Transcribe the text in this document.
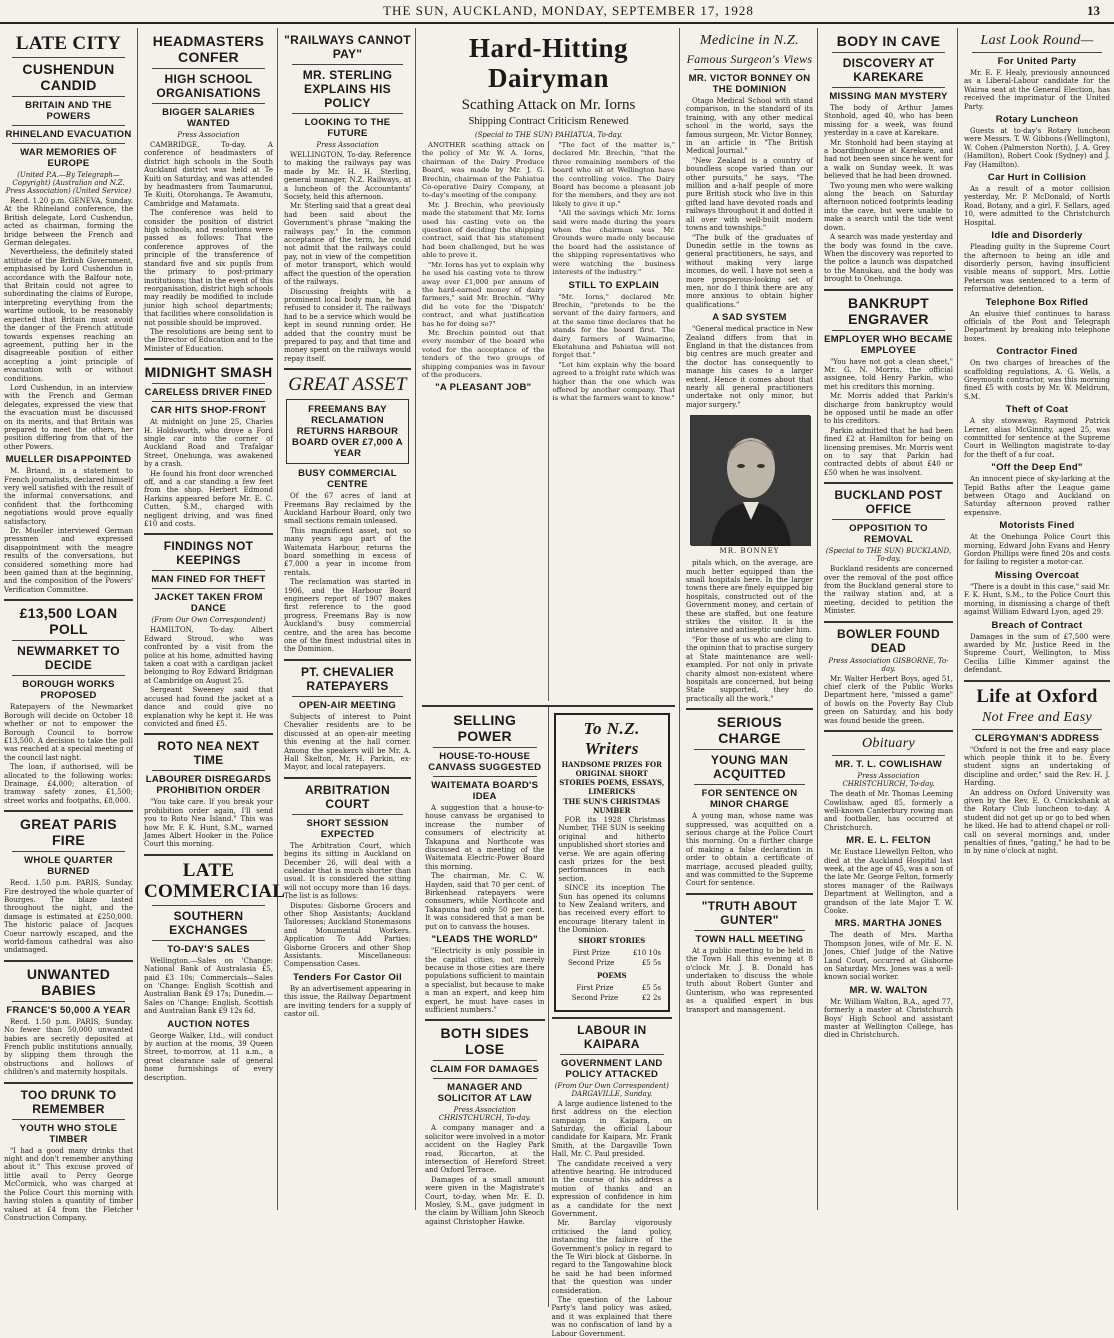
THE SUN, AUCKLAND, MONDAY, SEPTEMBER 17, 1928	13
LATE CITY
CUSHENDUN CANDID
BRITAIN AND THE POWERS
RHINELAND EVACUATION
WAR MEMORIES OF EUROPE
(United P.A.—By Telegraph—Copyright) (Australian and N.Z. Press Association) (United Service)

Recd. 1.20 p.m. GENEVA, Sunday. At the Rhineland conference, the British delegate, Lord Cushendun, acted as chairman, forming the bridge between the French and German delegates.

Nevertheless, the definitely stated attitude of the British Government, emphasised by Lord Cushendun in accordance with the Balfour note, that Britain could not agree to subordinating the claims of Europe, interpreting everything from the wartime outlook, to be reasonably expected that Britain must avoid the danger of the French attitude towards expenses reaching an agreement, putting her in the disagreeable position of either accepting a joint principle of evacuation with or without conditions.

Lord Cushendun, in an interview with the French and German delegates, expressed the view that the evacuation must be discussed on its merits, and that Britain was prepared to meet the others, her position differing from that of the other Powers.

MUELLER DISAPPOINTED

M. Briand, in a statement to French journalists, declared himself very well satisfied with the result of the informal conversations, and confident that the forthcoming negotiations would prove equally satisfactory.

Dr. Mueller interviewed German pressmen and expressed disappointment with the meagre results of the conversations, but considered something more had been gained than at the beginning, and the composition of the Powers' Verification Committee.

£13,500 LOAN POLL
NEWMARKET TO DECIDE
BOROUGH WORKS PROPOSED

Ratepayers of the Newmarket Borough will decide on October 18 whether or not to empower the Borough Council to borrow £13,500. A decision to take the poll was reached at a special meeting of the council last night.

The loan, if authorised, will be allocated to the following works: Drainage, £4,000; alteration of tramway safety zones, £1,500; street works and footpaths, £8,000.

GREAT PARIS FIRE
WHOLE QUARTER BURNED

Recd. 1.50 p.m. PARIS, Sunday. Fire destroyed the whole quarter of Bourges. The blaze lasted throughout the night, and the damage is estimated at £250,000. The historic palace of Jacques Coeur narrowly escaped, and the world-famous cathedral was also undamaged.

UNWANTED BABIES
FRANCE'S 50,000 A YEAR

Recd. 1.50 p.m. PARIS, Sunday. No fewer than 50,000 unwanted babies are secretly deposited at French public institutions annually, by slipping them through the obstructions and hollows of children's and maternity hospitals.

TOO DRUNK TO REMEMBER
YOUTH WHO STOLE TIMBER

"I had a good many drinks that night and don't remember anything about it." This excuse proved of little avail to Percy George McCormick, who was charged at the Police Court this morning with having stolen a quantity of timber valued at £4 from the Fletcher Construction Company.

HEADMASTERS CONFER
HIGH SCHOOL ORGANISATIONS
BIGGER SALARIES WANTED
Press Association

CAMBRIDGE, To-day. A conference of headmasters of district high schools in the South Auckland district was held at Te Kuiti on Saturday, and was attended by headmasters from Taumarunui, Te Kuiti, Otorohanga, Te Awamutu, Cambridge and Matamata.

The conference was held to consider the position of district high schools, and resolutions were passed as follows: That the conference approves of the principle of the transference of standard five and six pupils from the primary to post-primary institutions; that in the event of this reorganisation, district high schools may readily be modified to include junior high school departments; that facilities where consolidation is not possible should be improved.

The resolutions are being sent to the Director of Education and to the Minister of Education.

MIDNIGHT SMASH
CARELESS DRIVER FINED
CAR HITS SHOP-FRONT

At midnight on June 25, Charles H. Holdsworth, who drove a Ford single car into the corner of Auckland Road and Trafalgar Street, Onehunga, was awakened by a crash.

He found his front door wrenched off, and a car standing a few feet from the shop. Herbert Edmond Harkins appeared before Mr. E. C. Cutten, S.M., charged with negligent driving, and was fined £10 and costs.

FINDINGS NOT KEEPINGS
MAN FINED FOR THEFT
JACKET TAKEN FROM DANCE
(From Our Own Correspondent)

HAMILTON, To-day. Albert Edward Stroud, who was confronted by a visit from the police at his home, admitted having taken a coat with a cardigan jacket belonging to Roy Edward Bridgman at Cambridge on August 25.

Sergeant Sweeney said that accused had found the jacket at a dance and could give no explanation why he kept it. He was convicted and fined £5.

ROTO NEA NEXT TIME
LABOURER DISREGARDS PROHIBITION ORDER

"You take care. If you break your prohibition order again, I'll send you to Roto Nea Island." This was how Mr. F. K. Hunt, S.M., warned James Albert Hooker in the Police Court this morning.

LATE COMMERCIAL
SOUTHERN EXCHANGES
TO-DAY'S SALES

Wellington.—Sales on 'Change: National Bank of Australasia £5, paid £3 10s; Commercials—Sales on 'Change: English Scottish and Australian Bank £9 17s; Dunedin.—Sales on 'Change: English, Scottish and Australian Bank £9 12s 6d.

AUCTION NOTES

George Walker, Ltd., will conduct by auction at the rooms, 39 Queen Street, to-morrow, at 11 a.m., a great clearance sale of general home furnishings of every description.

"RAILWAYS CANNOT PAY"
MR. STERLING EXPLAINS HIS POLICY
LOOKING TO THE FUTURE
Press Association

WELLINGTON, To-day. Reference to making the railways pay was made by Mr. H. H. Sterling, general manager, N.Z. Railways, at a luncheon of the Accountants' Society, held this afternoon.

Mr. Sterling said that a great deal had been said about the Government's phrase "making the railways pay." In the common acceptance of the term, he could not admit that the railways could pay, not in view of the competition of motor transport, which would affect the question of the operation of the railways.

Discussing freights with a prominent local body man, he had refused to consider it. The railways had to be a service which would be kept in sound running order. He added that the country must be prepared to pay, and that time and money spent on the railways would repay itself.

GREAT ASSET
FREEMANS BAY RECLAMATION RETURNS HARBOUR BOARD OVER £7,000 A YEAR
BUSY COMMERCIAL CENTRE

Of the 67 acres of land at Freemans Bay reclaimed by the Auckland Harbour Board, only two small sections remain unleased.

This magnificent asset, not so many years ago part of the Waitemata Harbour, returns the board something in excess of £7,000 a year in income from rentals.

The reclamation was started in 1906, and the Harbour Board engineers report of 1907 makes first reference to the good progress. Freemans Bay is now Auckland's busy commercial centre, and the area has become one of the finest industrial sites in the Dominion.

PT. CHEVALIER RATEPAYERS
OPEN-AIR MEETING

Subjects of interest to Point Chevalier residents are to be discussed at an open-air meeting this evening at the hall corner. Among the speakers will be Mr. A. Hall Skelton, Mr. H. Parkin, ex-Mayor, and local ratepayers.

ARBITRATION COURT
SHORT SESSION EXPECTED

The Arbitration Court, which begins its sitting in Auckland on December 26, will deal with a calendar that is much shorter than usual. It is considered the sitting will not occupy more than 16 days. The list is as follows:

Disputes: Gisborne Grocers and other Shop Assistants; Auckland Tailoresses; Auckland Stonemasons and Monumental Workers. Application To Add Parties: Gisborne Grocers and other Shop Assistants. Miscellaneous: Compensation Cases.

Tenders For Castor Oil

By an advertisement appearing in this issue, the Railway Department are inviting tenders for a supply of castor oil.

Hard-Hitting Dairyman
Scathing Attack on Mr. Iorns
Shipping Contract Criticism Renewed
(Special to THE SUN) PAHIATUA, To-day.

ANOTHER scathing attack on the policy of Mr. W. A. Iorns, chairman of the Dairy Produce Board, was made by Mr. J. G. Brechin, chairman of the Pahiatua Co-operative Dairy Company, at to-day's meeting of the company.

Mr. J. Brechin, who previously made the statement that Mr. Iorns used his casting vote on the question of deciding the shipping contract, said that his statement had been challenged, but he was able to prove it.

"Mr. Iorns has yet to explain why he used his casting vote to throw away over £1,000 per annum of the hard-earned money of dairy farmers," said Mr. Brechin. "Why did he vote for the 'Dispatch' contract, and what justification has he for doing so?"

Mr. Brechin pointed out that every member of the board who voted for the acceptance of the tenders of the two groups of shipping companies was in favour of the producers.

"A PLEASANT JOB"

"The fact of the matter is," declared Mr. Brechin, "that the three remaining members of the board who sit at Wellington have the controlling voice. The Dairy Board has become a pleasant job for the members, and they are not likely to give it up."

"All the savings which Mr. Iorns said were made during the years when the chairman was Mr. Grounds were made only because the board had the assistance of the shipping representatives who were watching the business interests of the industry."

STILL TO EXPLAIN

"Mr. Iorns," declared Mr. Brechin, "pretends to be the servant of the dairy farmers, and at the same time declares that he stands for the board first. The dairy farmers of Waimarino, Eketahuna and Pahiatua will not forget that."

"Let him explain why the board agreed to a freight rate which was higher than the one which was offered by another company. That is what the farmers want to know."

SELLING POWER
HOUSE-TO-HOUSE CANVASS SUGGESTED
WAITEMATA BOARD'S IDEA

A suggestion that a house-to-house canvass be organised to increase the number of consumers of electricity at Takapuna and Northcote was discussed at a meeting of the Waitemata Electric-Power Board this morning.

The chairman, Mr. C. W. Hayden, said that 70 per cent. of Birkenhead ratepayers were consumers, while Northcote and Takapuna had only 50 per cent. It was considered that a man be put on to canvass the houses.

"LEADS THE WORLD"

"Electricity is only possible in the capital cities, not merely because in those cities are there populations sufficient to maintain a specialist, but because to make a man an expert, and keep him expert, he must have cases in sufficient numbers."

BOTH SIDES LOSE
CLAIM FOR DAMAGES
MANAGER AND SOLICITOR AT LAW
Press Association CHRISTCHURCH, To-day.

A company manager and a solicitor were involved in a motor accident on the Hagley Park road, Riccarton, at the intersection of Hereford Street and Oxford Terrace.

Damages of a small amount were given in the Magistrate's Court, to-day, when Mr. E. D. Mosley, S.M., gave judgment in the claim by William John Skeoch against Christopher Hawke.

To N.Z. Writers
HANDSOME PRIZES FOR ORIGINAL SHORT STORIES POEMS, ESSAYS, LIMERICKS
THE SUN'S CHRISTMAS NUMBER

FOR its 1928 Christmas Number, THE SUN is seeking original and hitherto unpublished short stories and verse. We are again offering cash prizes for the best performances in each section.

SINCE its inception The Sun has opened its columns to New Zealand writers, and has received every effort to encourage literary talent in the Dominion.

SHORT STORIES
First Prize	£10 10s
Second Prize	£5 5s
POEMS
First Prize	£5 5s
Second Prize	£2 2s
LABOUR IN KAIPARA
GOVERNMENT LAND POLICY ATTACKED
(From Our Own Correspondent) DARGAVILLE, Sunday.

A large audience listened to the first address on the election campaign in Kaipara, on Saturday, the official Labour candidate for Kaipara, Mr. Frank Smith, at the Dargaville Town Hall, Mr. C. Paul presided.

The candidate received a very attentive hearing. He introduced in the course of his address a motion of thanks and an expression of confidence in him as a candidate for the next Government.

Mr. Barclay vigorously criticised the land policy, instancing the failure of the Government's policy in regard to the Te Wiri block at Gisborne. In regard to the Tangowahine block he said he had been informed that the question was under consideration.

The question of the Labour Party's land policy was asked, and it was explained that there was no confiscation of land by a Labour Government.

Medicine in N.Z.
Famous Surgeon's Views
MR. VICTOR BONNEY ON THE DOMINION

Otago Medical School with stand comparison, in the standard of its training, with any other medical school in the world, says the famous surgeon, Mr. Victor Bonney, in an article in "The British Medical Journal."

"New Zealand is a country of boundless scope varied than our other pursuits," he says. "The million and a-half people of more pure British stock who live in this gifted land have devoted roads and railways throughout it and dotted it all over with well-built modern towns and townships."

"The bulk of the graduates of Dunedin settle in the towns as general practitioners, he says, and without making very large incomes, do well. I have not seen a more prosperous-looking set of men, nor do I think there are any more anxious to obtain higher qualifications."

A SAD SYSTEM

"General medical practice in New Zealand differs from that in England in that the distances from big centres are much greater and the doctor has consequently to manage his cases to a larger extent. Hence it comes about that nearly all general practitioners undertake not only minor, but major surgery."

MR. BONNEY

pitals which, on the average, are much better equipped than the small hospitals here. In the larger towns there are finely equipped big hospitals, constructed out of the Government money, and certain of these are staffed, but one feature strikes the visitor. It is the intensive and antiseptic under him.

"For those of us who are cling to the opinion that to practise surgery at State maintenance are well-exampled. For not only in private charity almost non-existent where hospitals are concerned, but being State supported, they do practically all the work."

SERIOUS CHARGE
YOUNG MAN ACQUITTED
FOR SENTENCE ON MINOR CHARGE

A young man, whose name was suppressed, was acquitted on a serious charge at the Police Court this morning. On a further charge of making a false declaration in order to obtain a certificate of marriage, accused pleaded guilty, and was committed to the Supreme Court for sentence.

"TRUTH ABOUT GUNTER"
TOWN HALL MEETING

At a public meeting to be held in the Town Hall this evening at 8 o'clock Mr. J. B. Donald has undertaken to discuss the whole truth about Robert Gunter and Gunterism, who was represented as a qualified expert in bus transport and management.

BODY IN CAVE
DISCOVERY AT KAREKARE
MISSING MAN MYSTERY

The body of Arthur James Stonhold, aged 40, who has been missing for a week, was found yesterday in a cave at Karekare.

Mr. Stonhold had been staying at a boardinghouse at Karekare, and had not been seen since he went for a walk on Sunday week. It was believed that he had been drowned.

Two young men who were walking along the beach on Saturday afternoon noticed footprints leading into the cave, but were unable to make a search until the tide went down.

A search was made yesterday and the body was found in the cave. When the discovery was reported to the police a launch was dispatched to the Manukau, and the body was brought to Onehunga.

BANKRUPT ENGRAVER
EMPLOYER WHO BECAME EMPLOYEE

"You have not got a clean sheet," Mr. G. N. Morris, the official assignee, told Henry Parkin, who met his creditors this morning.

Mr. Morris added that Parkin's discharge from bankruptcy would be opposed until he made an offer to his creditors.

Parkin admitted that he had been fined £2 at Hamilton for being on licensing premises. Mr. Morris went on to say that Parkin had contracted debts of about £40 or £50 when he was insolvent.

BUCKLAND POST OFFICE
OPPOSITION TO REMOVAL
(Special to THE SUN) BUCKLAND, To-day.

Buckland residents are concerned over the removal of the post office from the Buckland general store to the railway station and, at a meeting, decided to petition the Minister.

BOWLER FOUND DEAD
Press Association GISBORNE, To-day.

Mr. Walter Herbert Boys, aged 51, chief clerk of the Public Works Department here, "missed a game" of bowls on the Poverty Bay Club green on Saturday, and his body was found beside the green.

Obituary
MR. T. L. COWLISHAW
Press Association CHRISTCHURCH, To-day.

The death of Mr. Thomas Leeming Cowlishaw, aged 85, formerly a well-known Canterbury rowing man and footballer, has occurred at Christchurch.

MR. E. L. FELTON

Mr. Eustace Llewellyn Felton, who died at the Auckland Hospital last week, at the age of 45, was a son of the late Mr. George Felton, formerly stores manager of the Railways Department at Wellington, and a grandson of the late Major T. W. Cooke.

MRS. MARTHA JONES

The death of Mrs. Martha Thompson Jones, wife of Mr. E. N. Jones, Chief Judge of the Native Land Court, occurred at Gisborne on Saturday. Mrs. Jones was a well-known social worker.

MR. W. WALTON

Mr. William Walton, B.A., aged 77, formerly a master at Christchurch Boys' High School and assistant master at Wellington College, has died in Christchurch.

Last Look Round—
For United Party

Mr. E. F. Healy, previously announced as a Liberal-Labour candidate for the Wairoa seat at the General Election, has received the imprimatur of the United Party.

Rotary Luncheon

Guests at to-day's Rotary luncheon were Messrs. T. W. Gibbons (Wellington), W. Cohen (Palmerston North), J. A. Grey (Hamilton), Robert Cook (Sydney) and J. Fay (Hamilton).

Car Hurt in Collision

As a result of a motor collision yesterday, Mr. P. McDonald, of North Road, Botany, and a girl, F. Sellars, aged 10, were admitted to the Christchurch Hospital.

Idle and Disorderly

Pleading guilty in the Supreme Court the afternoon to being an idle and disorderly person, having insufficient visible means of support, Mrs. Lottie Peterson was sentenced to a term of reformative detention.

Telephone Box Rifled

An elusive thief continues to harass officials of the Post and Telegraph Department by breaking into telephone boxes.

Contractor Fined

On two charges of breaches of the scaffolding regulations, A. G. Wells, a Greymouth contractor, was this morning fined £5 with costs by Mr. W. Meldrum, S.M.

Theft of Coat

A shy stowaway, Raymond Patrick Lerner, alias McGinnity, aged 25, was committed for sentence at the Supreme Court in Wellington magistrate to-day for the theft of a fur coat.

"Off the Deep End"

An innocent piece of sky-larking at the Tepid Baths after the League game between Otago and Auckland on Saturday afternoon proved rather expensive.

Motorists Fined

At the Onehunga Police Court this morning, Edward John Evans and Henry Gordon Phillips were fined 20s and costs for failing to register a motor-car.

Missing Overcoat

"There is a doubt in this case," said Mr. F. K. Hunt, S.M., to the Police Court this morning, in dismissing a charge of theft against William Edward Lyon, aged 29.

Breach of Contract

Damages in the sum of £7,500 were awarded by Mr. Justice Reed in the Supreme Court, Wellington, to Miss Cecilia Lillie Kimmer against the defendant.

Life at Oxford
Not Free and Easy
CLERGYMAN'S ADDRESS

"Oxford is not the free and easy place which people think it to be. Every student signs an undertaking of discipline and order," said the Rev. H. J. Harding.

An address on Oxford University was given by the Rev. E. O. Cruickshank at the Rotary Club luncheon to-day. A student did not get up or go to bed when he liked. He had to attend chapel or roll-call on several mornings and, under penalties of fines, "gating," he had to be in by nine o'clock at night.
